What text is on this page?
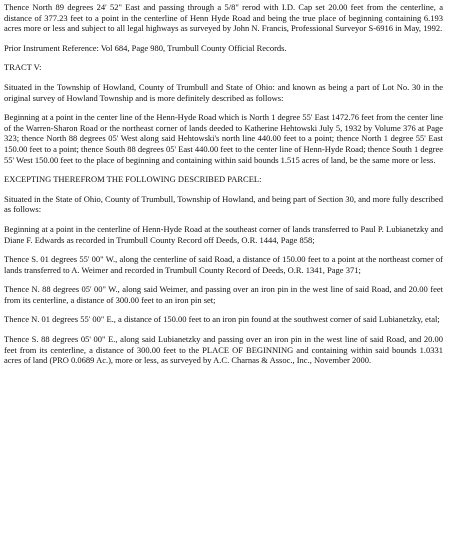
Thence North 89 degrees 24' 52" East and passing through a 5/8" rerod with I.D. Cap set 20.00 feet from the centerline, a distance of 377.23 feet to a point in the centerline of Henn Hyde Road and being the true place of beginning containing 6.193 acres more or less and subject to all legal highways as surveyed by John N. Francis, Professional Surveyor S-6916 in May, 1992.

Prior Instrument Reference: Vol 684, Page 980, Trumbull County Official Records.

TRACT V:

Situated in the Township of Howland, County of Trumbull and State of Ohio: and known as being a part of Lot No. 30 in the original survey of Howland Township and is more definitely described as follows:

Beginning at a point in the center line of the Henn-Hyde Road which is North 1 degree 55' East 1472.76 feet from the center line of the Warren-Sharon Road or the northeast corner of lands deeded to Katherine Hehtowski July 5, 1932 by Volume 376 at Page 323; thence North 88 degrees 05' West along said Hehtowski's north line 440.00 feet to a point; thence North 1 degree 55' East 150.00 feet to a point; thence South 88 degrees 05' East 440.00 feet to the center line of Henn-Hyde Road; thence South 1 degree 55' West 150.00 feet to the place of beginning and containing within said bounds 1.515 acres of land, be the same more or less.

EXCEPTING THEREFROM THE FOLLOWING DESCRIBED PARCEL:

Situated in the State of Ohio, County of Trumbull, Township of Howland, and being part of Section 30, and more fully described as follows:

Beginning at a point in the centerline of Henn-Hyde Road at the southeast corner of lands transferred to Paul P. Lubianetzky and Diane F. Edwards as recorded in Trumbull County Record off Deeds, O.R. 1444, Page 858;

Thence S. 01 degrees 55' 00" W., along the centerline of said Road, a distance of 150.00 feet to a point at the northeast corner of lands transferred to A. Weimer and recorded in Trumbull County Record of Deeds, O.R. 1341, Page 371;

Thence N. 88 degrees 05' 00" W., along said Weimer, and passing over an iron pin in the west line of said Road, and 20.00 feet from its centerline, a distance of 300.00 feet to an iron pin set;

Thence N. 01 degrees 55' 00" E., a distance of 150.00 feet to an iron pin found at the southwest corner of said Lubianetzky, etal;

Thence S. 88 degrees 05' 00" E., along said Lubianetzky and passing over an iron pin in the west line of said Road, and 20.00 feet from its centerline, a distance of 300.00 feet to the PLACE OF BEGINNING and containing within said bounds 1.0331 acres of land (PRO 0.0689 Ac.), more or less, as surveyed by A.C. Charnas & Assoc., Inc., November 2000.
